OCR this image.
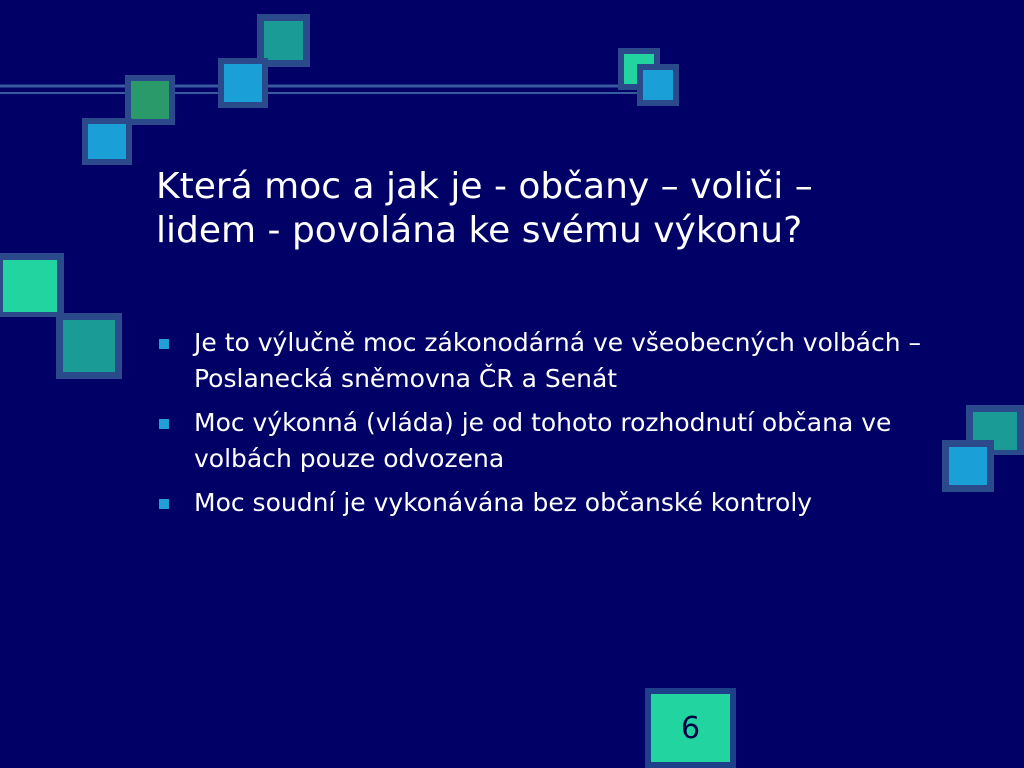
Která moc a jak je - občany – voliči –
lidem - povolána ke svému výkonu?
Je to výlučně moc zákonodárná ve všeobecných volbách – Poslanecká sněmovna ČR a Senát
Moc výkonná (vláda) je od tohoto rozhodnutí občana ve volbách pouze odvozena
Moc soudní je vykonávána bez občanské kontroly
6
